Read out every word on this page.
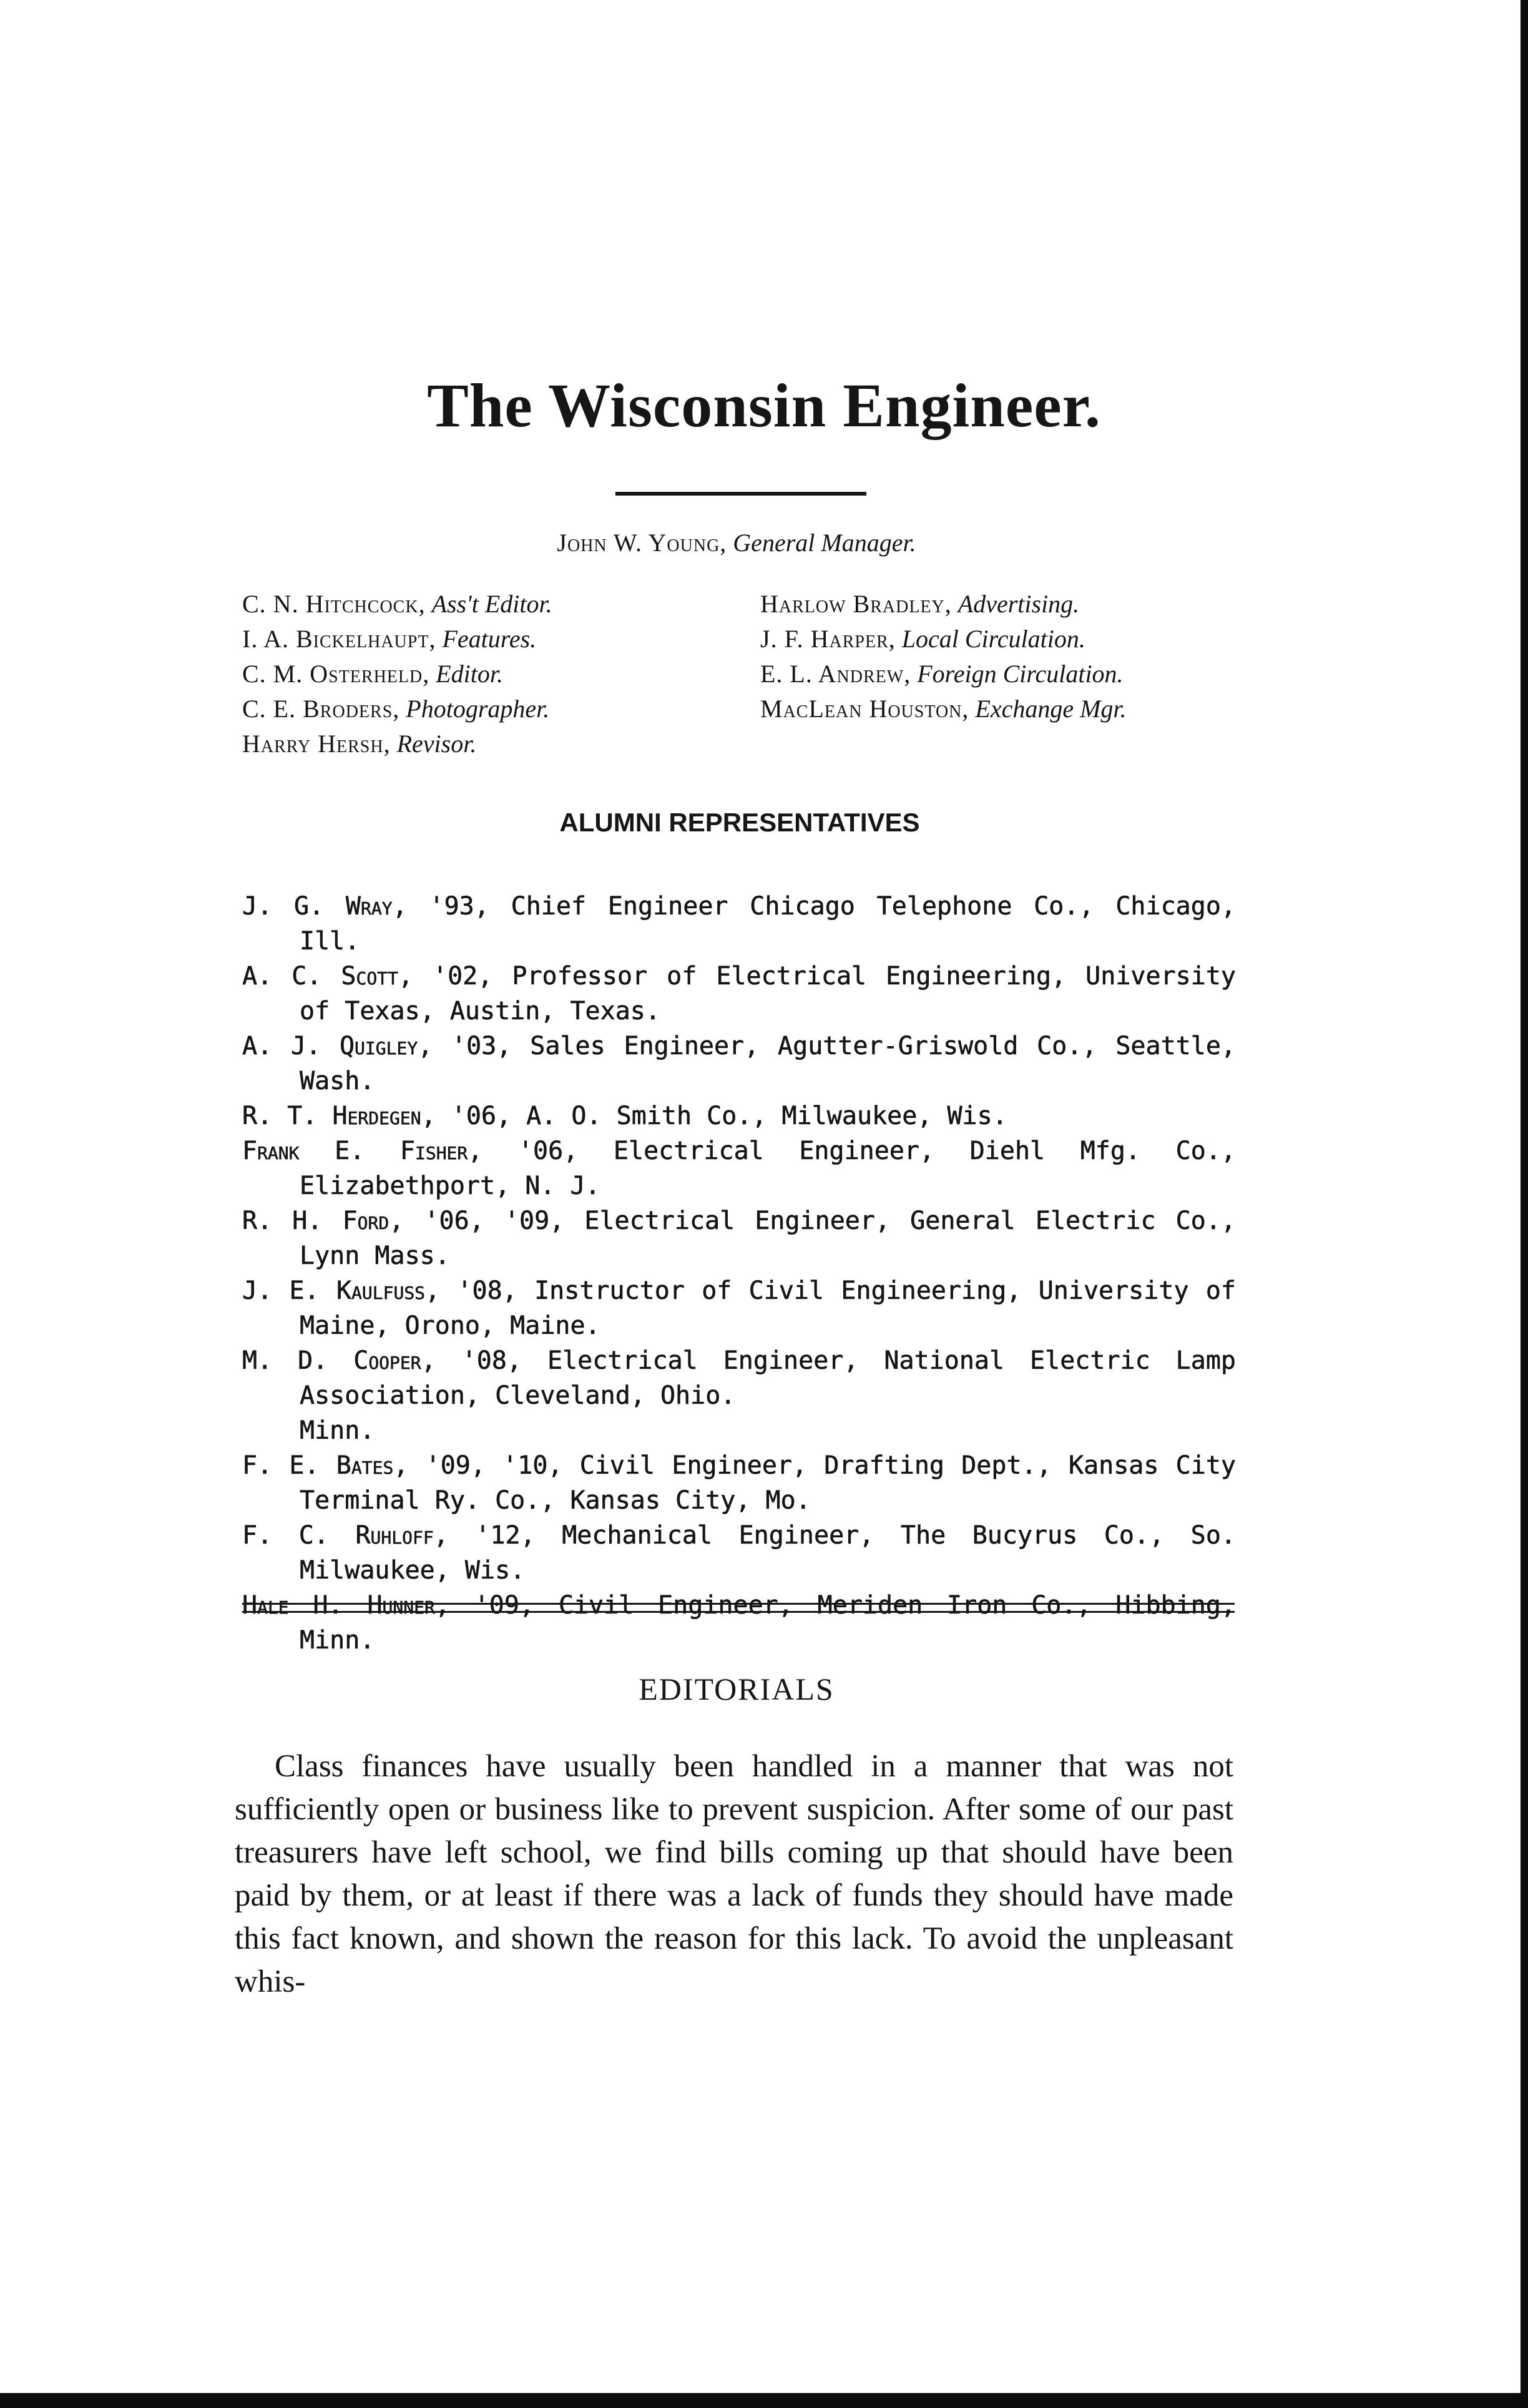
The Wisconsin Engineer.
John W. Young, General Manager.
C. N. Hitchcock, Ass't Editor.
I. A. Bickelhaupt, Features.
C. M. Osterheld, Editor.
C. E. Broders, Photographer.
Harry Hersh, Revisor.
Harlow Bradley, Advertising.
J. F. Harper, Local Circulation.
E. L. Andrew, Foreign Circulation.
MacLean Houston, Exchange Mgr.
ALUMNI REPRESENTATIVES
J. G. Wray, '93, Chief Engineer Chicago Telephone Co., Chicago, Ill.
A. C. Scott, '02, Professor of Electrical Engineering, University of Texas, Austin, Texas.
A. J. Quigley, '03, Sales Engineer, Agutter-Griswold Co., Seattle, Wash.
R. T. Herdegen, '06, A. O. Smith Co., Milwaukee, Wis.
Frank E. Fisher, '06, Electrical Engineer, Diehl Mfg. Co., Elizabethport, N. J.
R. H. Ford, '06, '09, Electrical Engineer, General Electric Co., Lynn Mass.
J. E. Kaulfuss, '08, Instructor of Civil Engineering, University of Maine, Orono, Maine.
M. D. Cooper, '08, Electrical Engineer, National Electric Lamp Association, Cleveland, Ohio.
Minn.
F. E. Bates, '09, '10, Civil Engineer, Drafting Dept., Kansas City Terminal Ry. Co., Kansas City, Mo.
F. C. Ruhloff, '12, Mechanical Engineer, The Bucyrus Co., So. Milwaukee, Wis.
Hale H. Hunner, '09, Civil Engineer, Meriden Iron Co., Hibbing, Minn.
EDITORIALS
Class finances have usually been handled in a manner that was not sufficiently open or business like to prevent suspicion. After some of our past treasurers have left school, we find bills coming up that should have been paid by them, or at least if there was a lack of funds they should have made this fact known, and shown the reason for this lack. To avoid the unpleasant whis-
